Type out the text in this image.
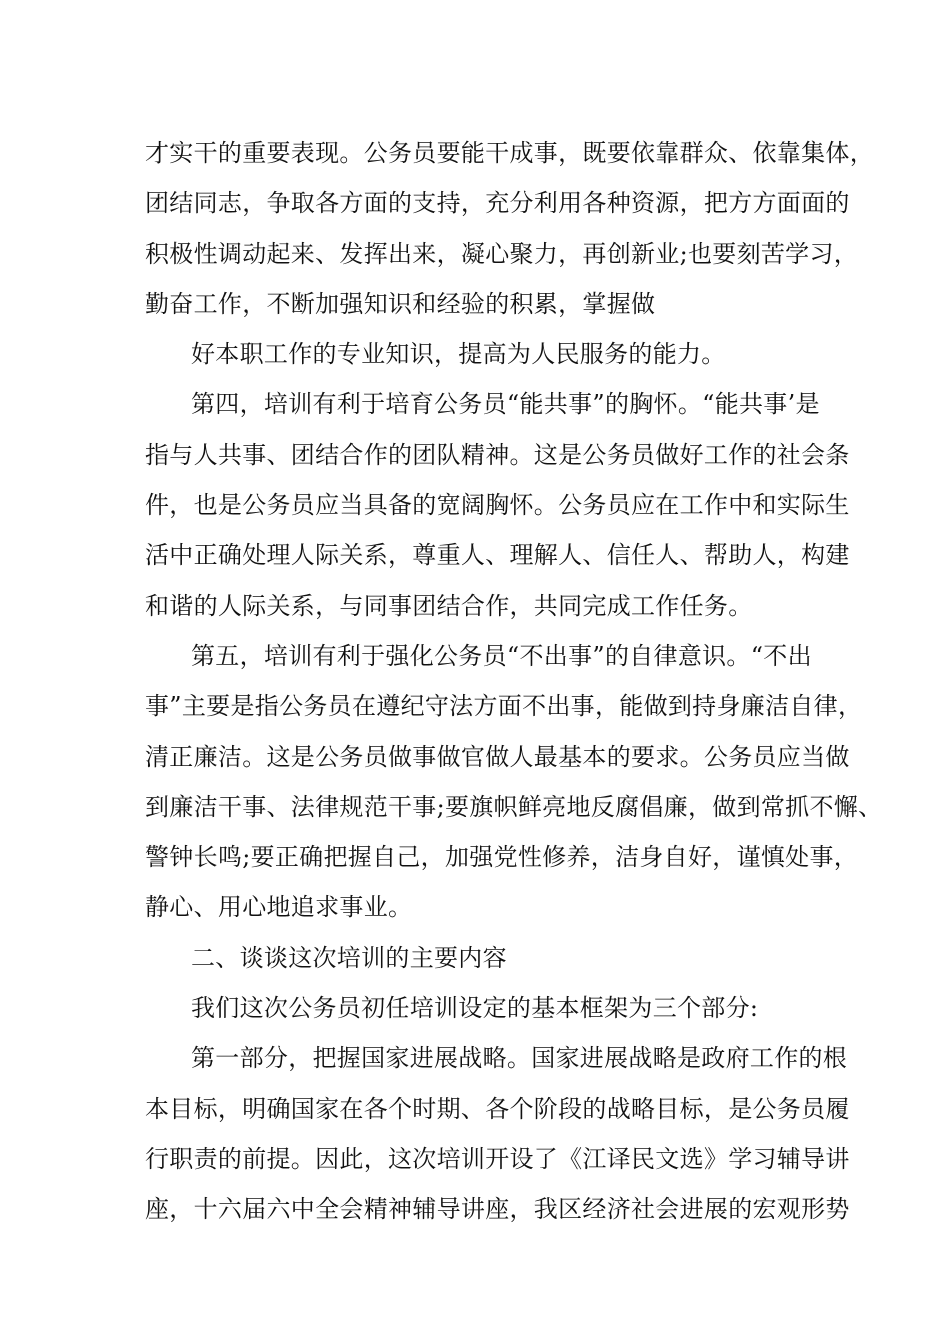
才实干的重要表现。公务员要能干成事，既要依靠群众、依靠集体，
团结同志，争取各方面的支持，充分利用各种资源，把方方面面的
积极性调动起来、发挥出来，凝心聚力，再创新业;也要刻苦学习，
勤奋工作，不断加强知识和经验的积累，掌握做
好本职工作的专业知识，提高为人民服务的能力。
第四，培训有利于培育公务员“能共事”的胸怀。“能共事’是
指与人共事、团结合作的团队精神。这是公务员做好工作的社会条
件，也是公务员应当具备的宽阔胸怀。公务员应在工作中和实际生
活中正确处理人际关系，尊重人、理解人、信任人、帮助人，构建
和谐的人际关系，与同事团结合作，共同完成工作任务。
第五，培训有利于强化公务员“不出事”的自律意识。“不出
事”主要是指公务员在遵纪守法方面不出事，能做到持身廉洁自律，
清正廉洁。这是公务员做事做官做人最基本的要求。公务员应当做
到廉洁干事、法律规范干事;要旗帜鲜亮地反腐倡廉，做到常抓不懈、
警钟长鸣;要正确把握自己，加强党性修养，洁身自好，谨慎处事，
静心、用心地追求事业。
二、谈谈这次培训的主要内容
我们这次公务员初任培训设定的基本框架为三个部分:
第一部分，把握国家进展战略。国家进展战略是政府工作的根
本目标，明确国家在各个时期、各个阶段的战略目标，是公务员履
行职责的前提。因此，这次培训开设了《江译民文选》学习辅导讲
座，十六届六中全会精神辅导讲座，我区经济社会进展的宏观形势
